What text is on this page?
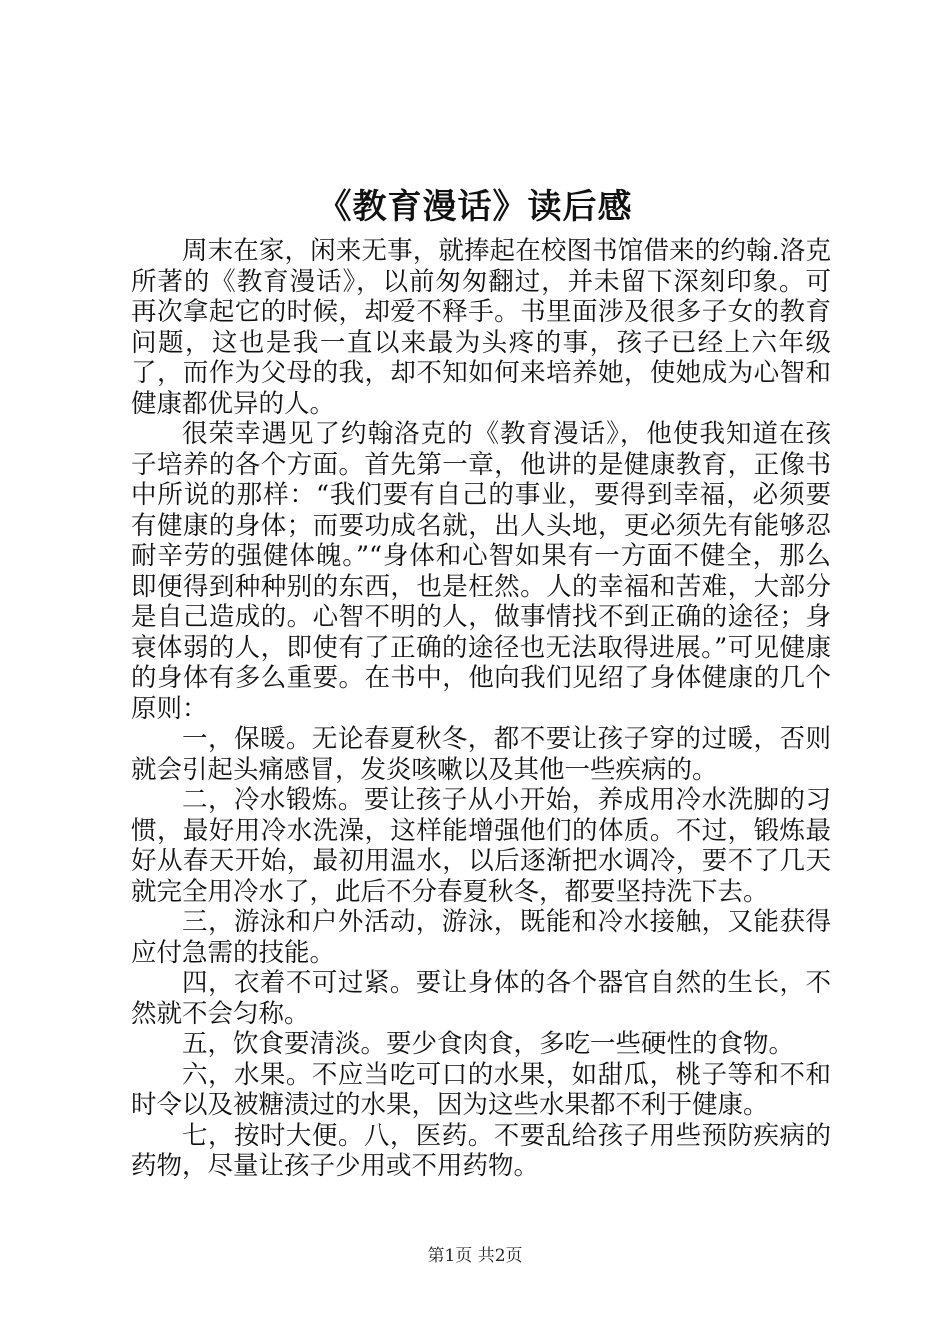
《教育漫话》读后感

周末在家，闲来无事，就捧起在校图书馆借来的约翰.洛克所著的《教育漫话》，以前匆匆翻过，并未留下深刻印象。可再次拿起它的时候，却爱不释手。书里面涉及很多子女的教育问题，这也是我一直以来最为头疼的事，孩子已经上六年级了，而作为父母的我，却不知如何来培养她，使她成为心智和健康都优异的人。

很荣幸遇见了约翰洛克的《教育漫话》，他使我知道在孩子培养的各个方面。首先第一章，他讲的是健康教育，正像书中所说的那样：“我们要有自己的事业，要得到幸福，必须要有健康的身体；而要功成名就，出人头地，更必须先有能够忍耐辛劳的强健体魄。”“身体和心智如果有一方面不健全，那么即便得到种种别的东西，也是枉然。人的幸福和苦难，大部分是自己造成的。心智不明的人，做事情找不到正确的途径；身衰体弱的人，即使有了正确的途径也无法取得进展。”可见健康的身体有多么重要。在书中，他向我们见绍了身体健康的几个原则：

一，保暖。无论春夏秋冬，都不要让孩子穿的过暖，否则就会引起头痛感冒，发炎咳嗽以及其他一些疾病的。

二，冷水锻炼。要让孩子从小开始，养成用冷水洗脚的习惯，最好用冷水洗澡，这样能增强他们的体质。不过，锻炼最好从春天开始，最初用温水，以后逐渐把水调冷，要不了几天就完全用冷水了，此后不分春夏秋冬，都要坚持洗下去。

三，游泳和户外活动，游泳，既能和冷水接触，又能获得应付急需的技能。

四，衣着不可过紧。要让身体的各个器官自然的生长，不然就不会匀称。

五，饮食要清淡。要少食肉食，多吃一些硬性的食物。

六，水果。不应当吃可口的水果，如甜瓜，桃子等和不和时令以及被糖渍过的水果，因为这些水果都不利于健康。

七，按时大便。八，医药。不要乱给孩子用些预防疾病的药物，尽量让孩子少用或不用药物。

第1页 共2页
